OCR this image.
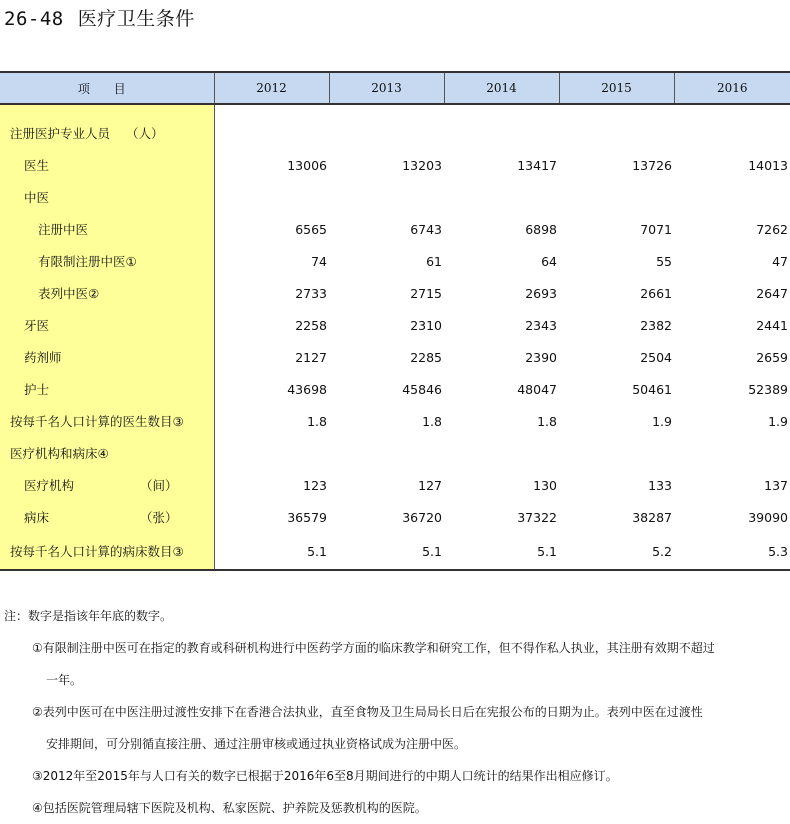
26-48 医疗卫生条件
项 目	2012	2013	2014	2015	2016

注册医护专业人员 （人）					
医生	13006	13203	13417	13726	14013
中医					
注册中医	6565	6743	6898	7071	7262
有限制注册中医①	74	61	64	55	47
表列中医②	2733	2715	2693	2661	2647
牙医	2258	2310	2343	2382	2441
药剂师	2127	2285	2390	2504	2659
护士	43698	45846	48047	50461	52389
按每千名人口计算的医生数目③	1.8	1.8	1.8	1.9	1.9
医疗机构和病床④					
医疗机构 （间）	123	127	130	133	137
病床 （张）	36579	36720	37322	38287	39090
按每千名人口计算的病床数目③	5.1	5.1	5.1	5.2	5.3

注：数字是指该年年底的数字。

①有限制注册中医可在指定的教育或科研机构进行中医药学方面的临床教学和研究工作，但不得作私人执业，其注册有效期不超过

一年。

②表列中医可在中医注册过渡性安排下在香港合法执业，直至食物及卫生局局长日后在宪报公布的日期为止。表列中医在过渡性

安排期间，可分别循直接注册、通过注册审核或通过执业资格试成为注册中医。

③2012年至2015年与人口有关的数字已根据于2016年6至8月期间进行的中期人口统计的结果作出相应修订。

④包括医院管理局辖下医院及机构、私家医院、护养院及惩教机构的医院。
